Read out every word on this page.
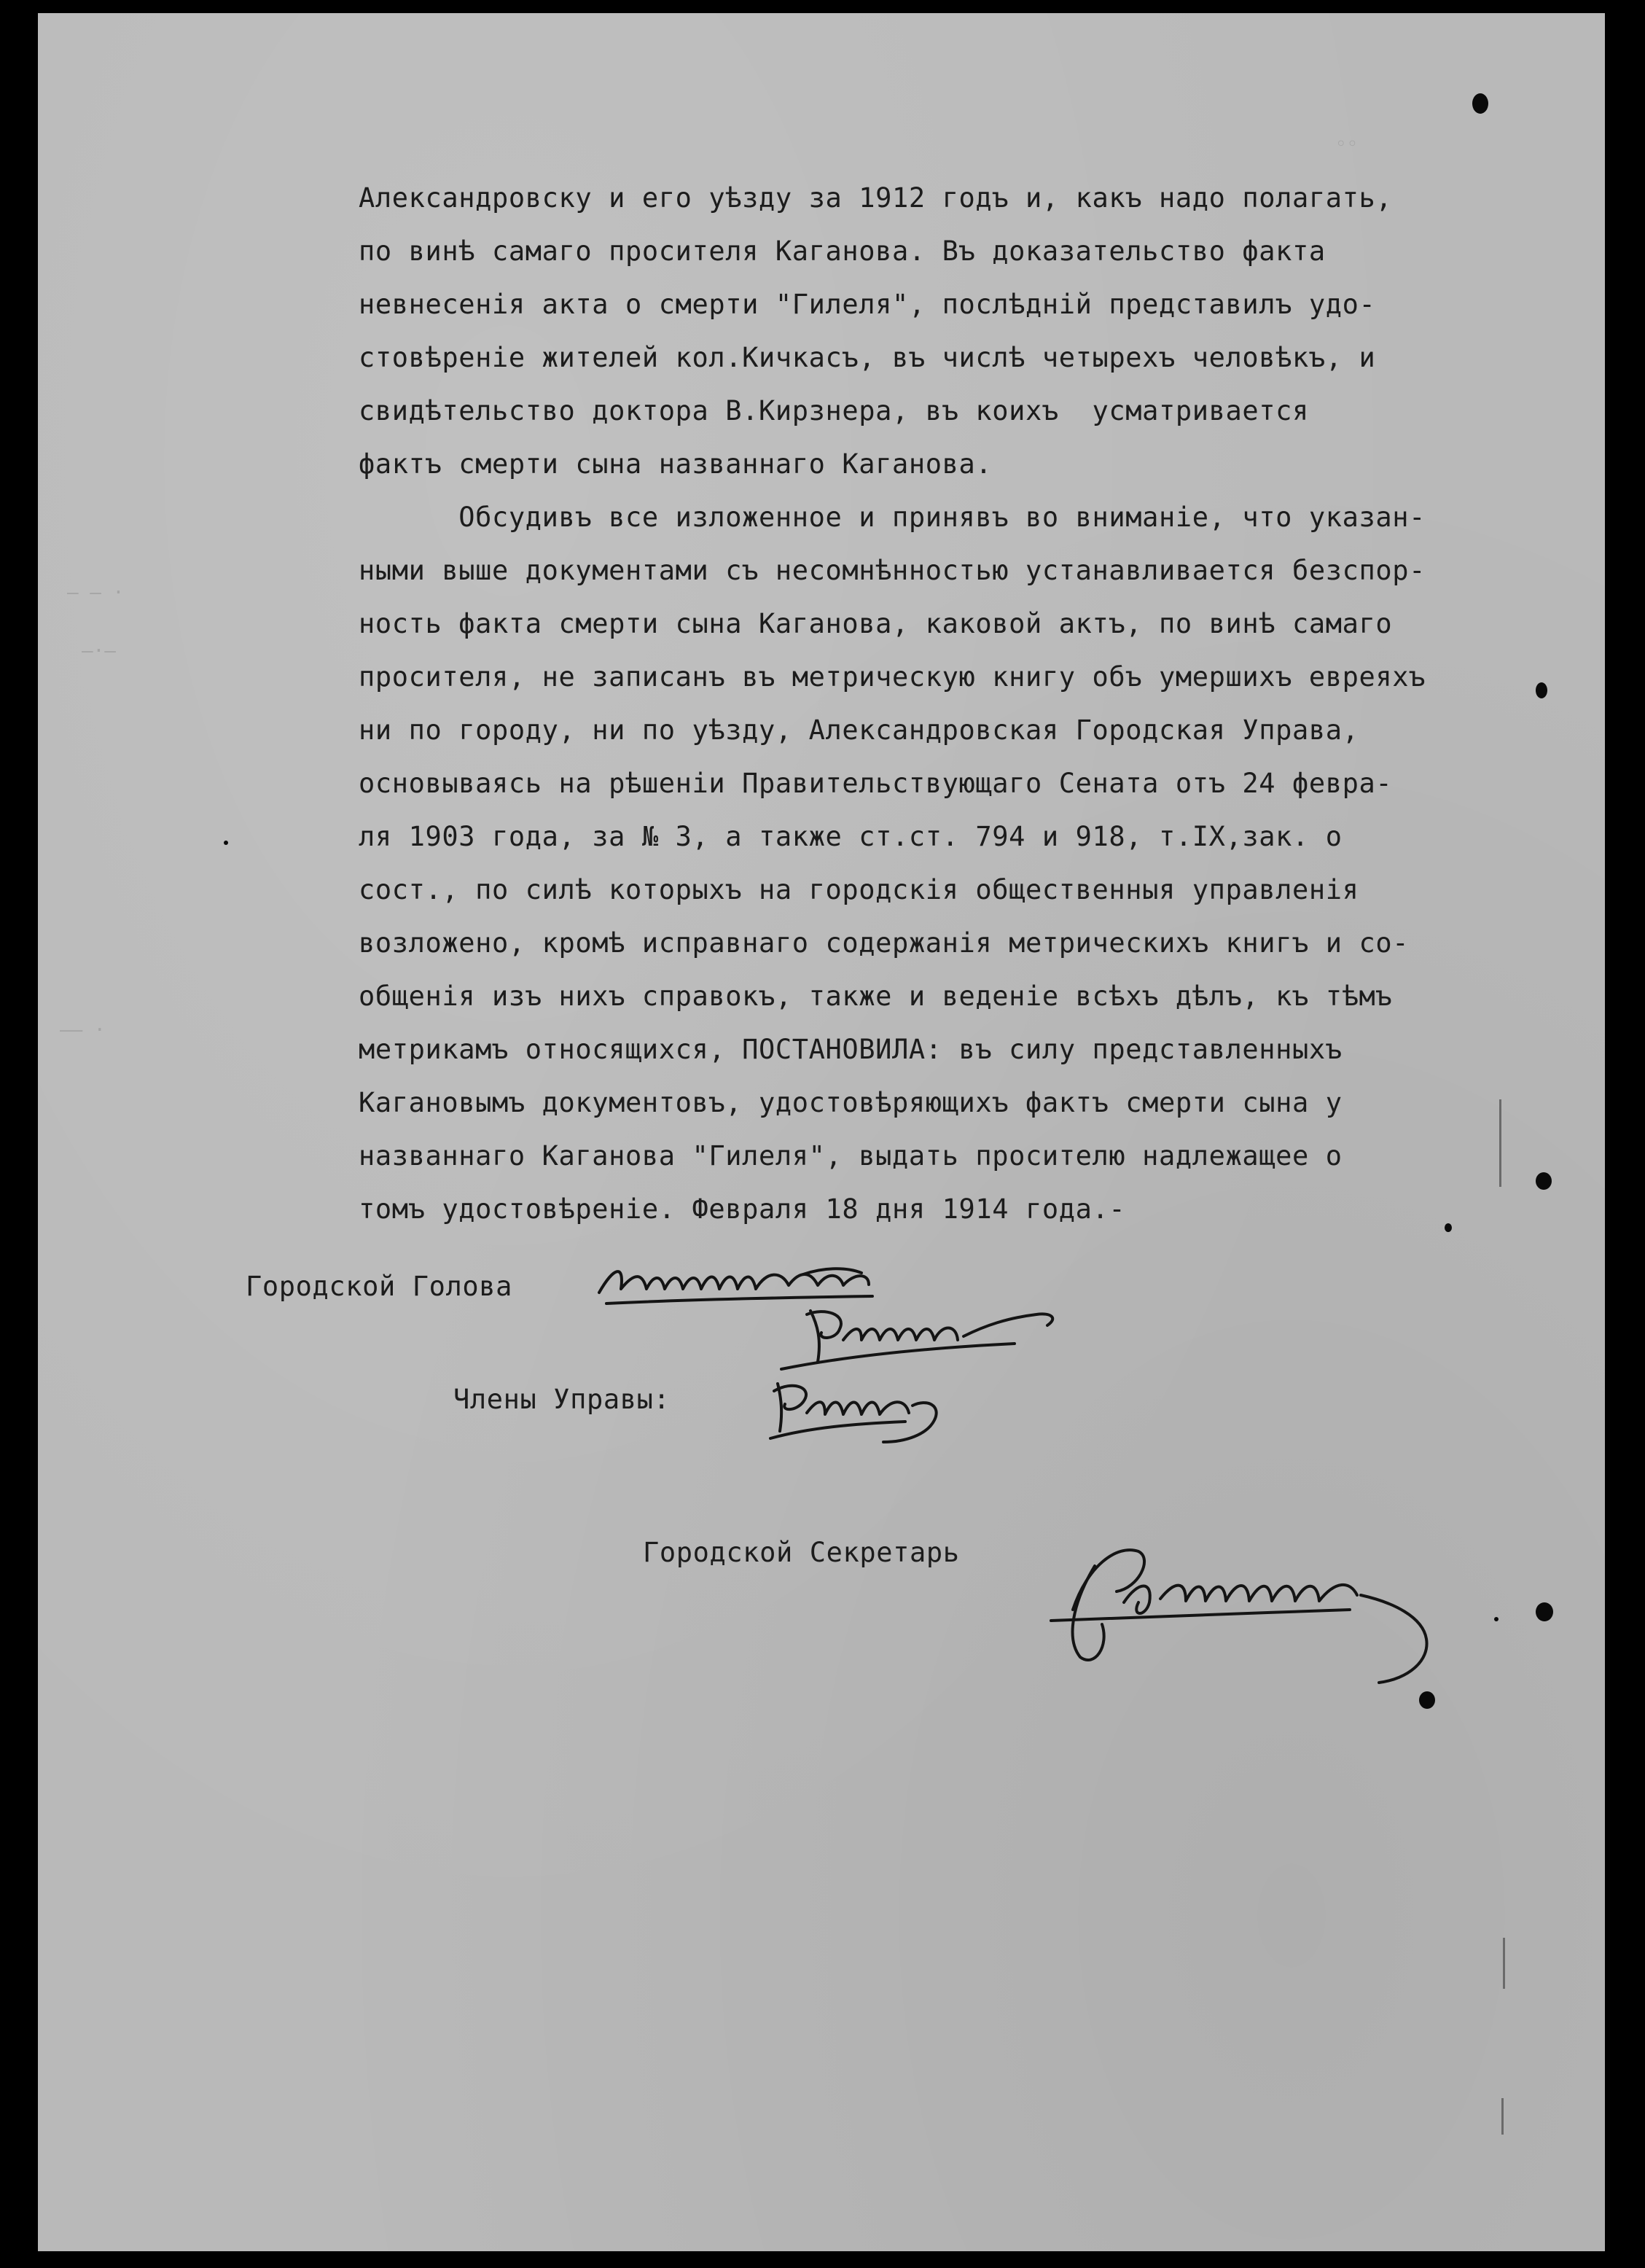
— — ·
—·—
—— ·
◦◦

Александровску и его уѣзду за 1912 годъ и, какъ надо полагать,

по винѣ самаго просителя Каганова. Въ доказательство факта

невнесенія акта о смерти "Гилеля", послѣдній представилъ удо-

стовѣреніе жителей кол.Кичкасъ, въ числѣ четырехъ человѣкъ, и

свидѣтельство доктора В.Кирзнера, въ коихъ  усматривается

фактъ смерти сына названнаго Каганова.

Обсудивъ все изложенное и принявъ во вниманіе, что указан-

ными выше документами съ несомнѣнностью устанавливается безспор-

ность факта смерти сына Каганова, каковой актъ, по винѣ самаго

просителя, не записанъ въ метрическую книгу объ умершихъ евреяхъ

ни по городу, ни по уѣзду, Александровская Городская Управа,

основываясь на рѣшеніи Правительствующаго Сената отъ 24 февра-

ля 1903 года, за № 3, а также ст.ст. 794 и 918, т.IX,зак. о

сост., по силѣ которыхъ на городскія общественныя управленія

возложено, кромѣ исправнаго содержанія метрическихъ книгъ и со-

общенія изъ нихъ справокъ, также и веденіе всѣхъ дѣлъ, къ тѣмъ

метрикамъ относящихся, ПОСТАНОВИЛА: въ силу представленныхъ

Кагановымъ документовъ, удостовѣряющихъ фактъ смерти сына у

названнаго Каганова "Гилеля", выдать просителю надлежащее о

томъ удостовѣреніе. Февраля 18 дня 1914 года.-

Городской Голова
Члены Управы:
Городской Секретарь
